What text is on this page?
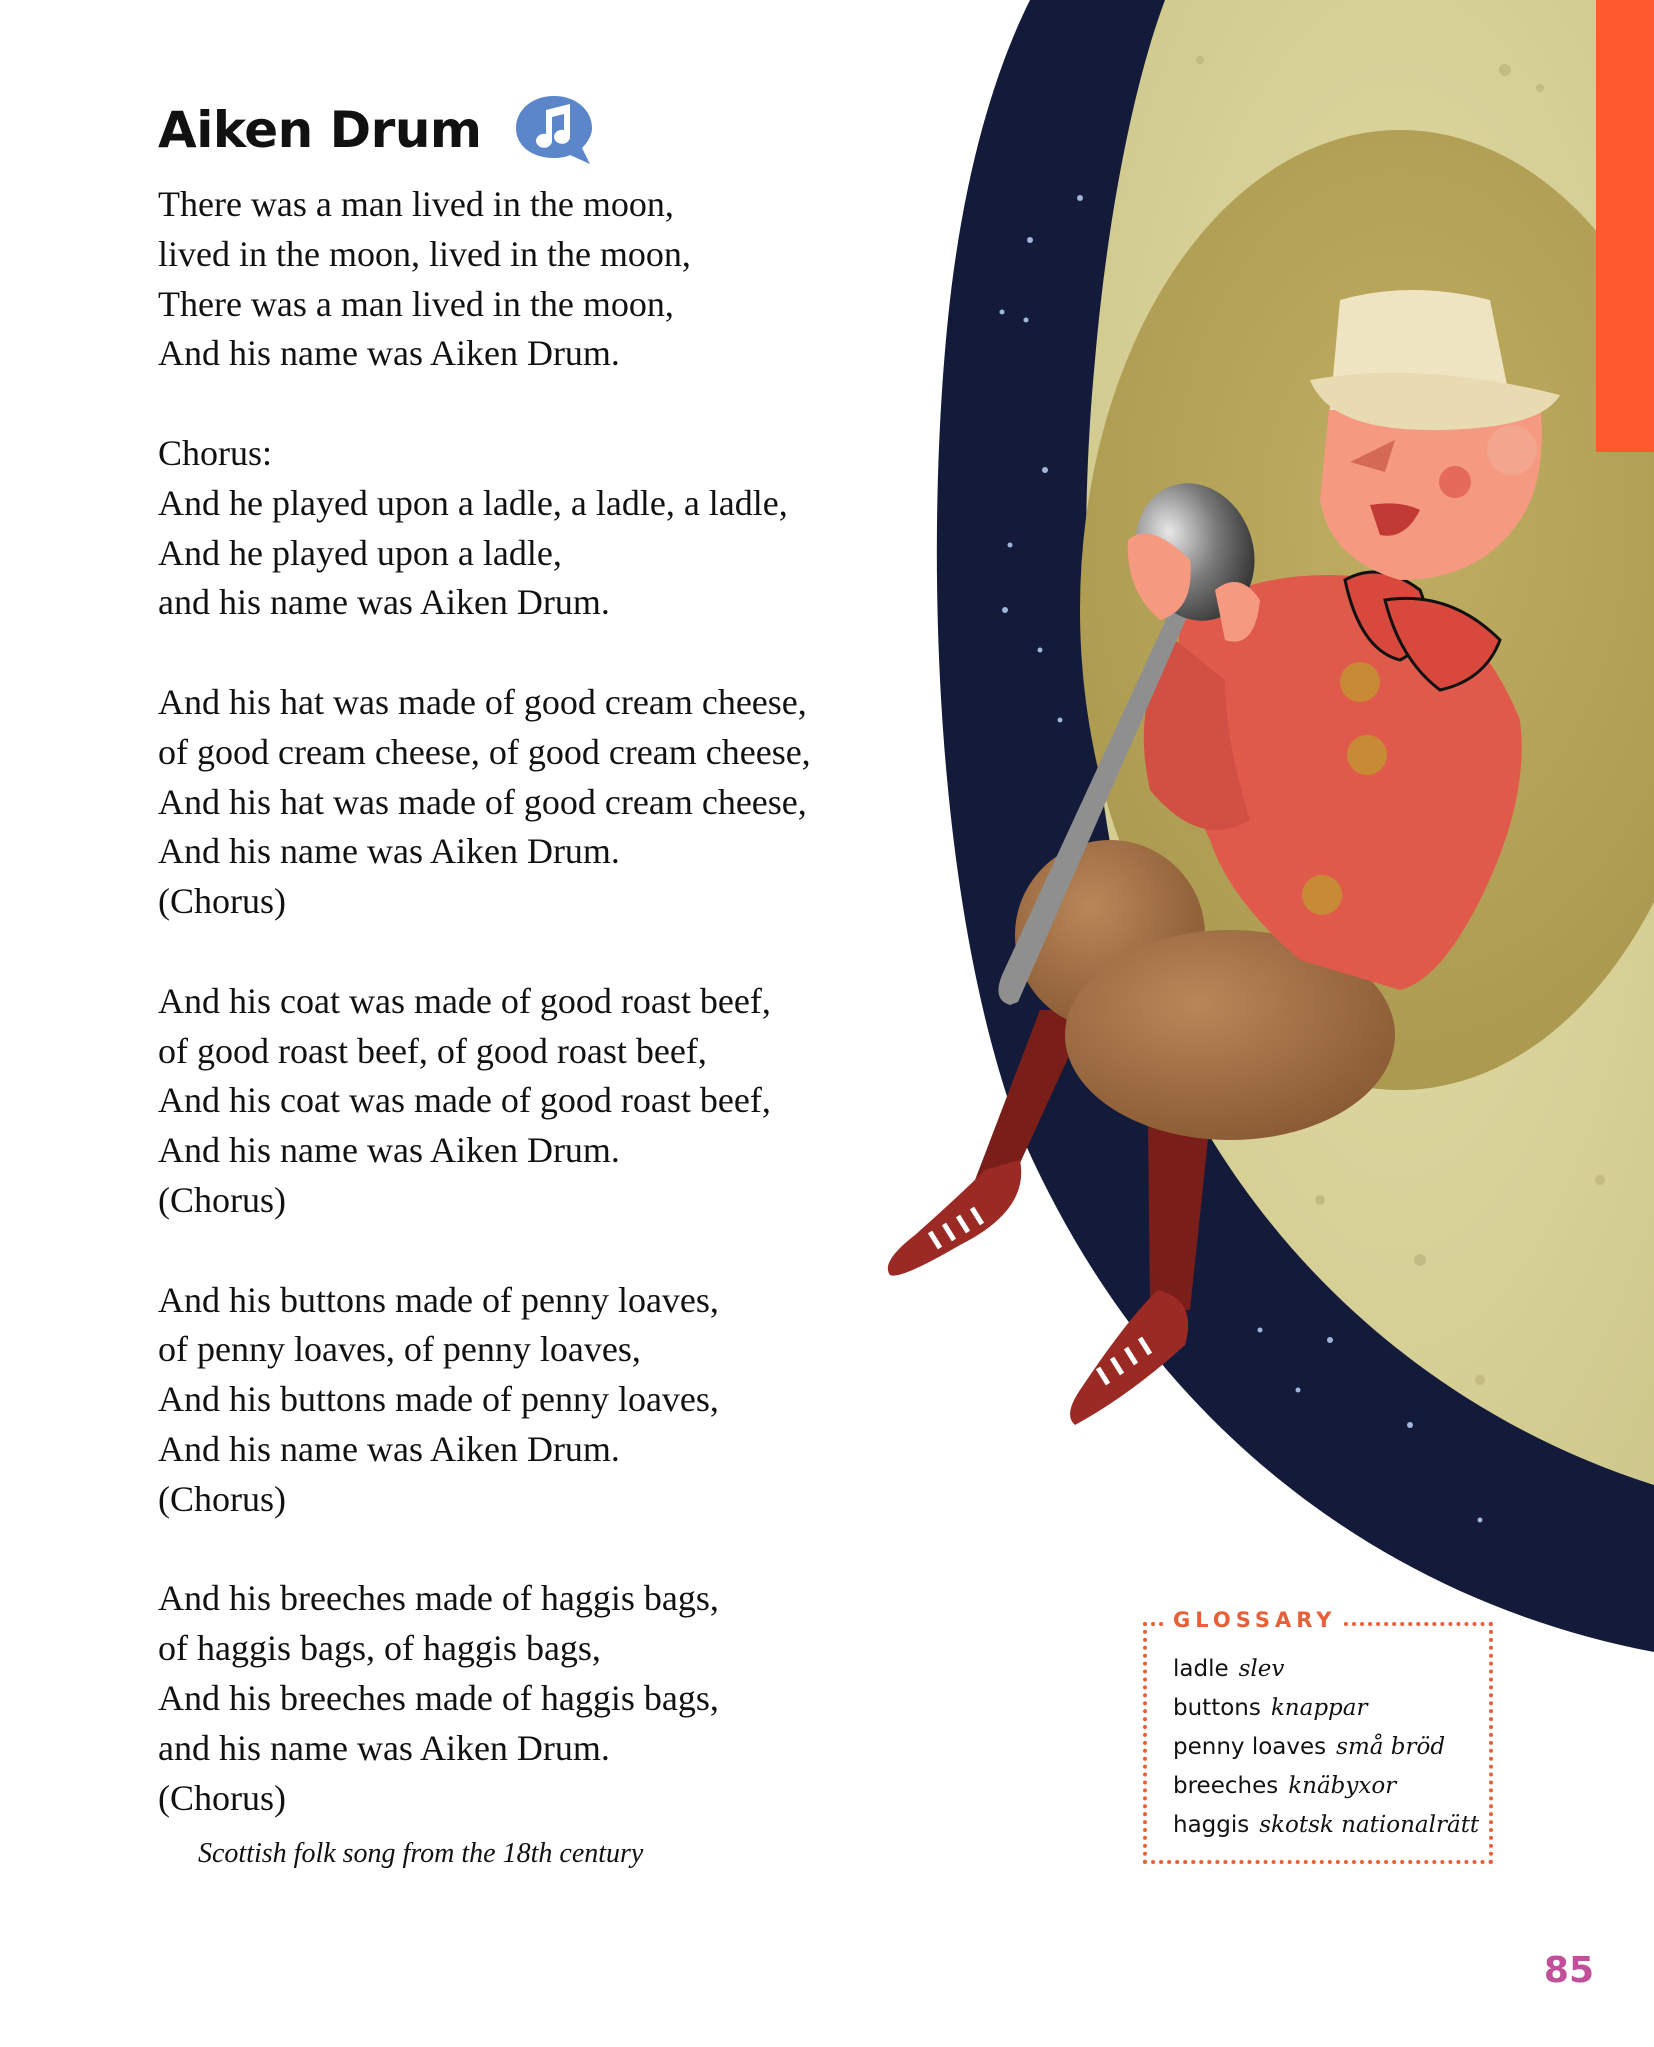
Aiken Drum
There was a man lived in the moon,
lived in the moon, lived in the moon,
There was a man lived in the moon,
And his name was Aiken Drum.
Chorus:
And he played upon a ladle, a ladle, a ladle,
And he played upon a ladle,
and his name was Aiken Drum.
And his hat was made of good cream cheese,
of good cream cheese, of good cream cheese,
And his hat was made of good cream cheese,
And his name was Aiken Drum.
(Chorus)
And his coat was made of good roast beef,
of good roast beef, of good roast beef,
And his coat was made of good roast beef,
And his name was Aiken Drum.
(Chorus)
And his buttons made of penny loaves,
of penny loaves, of penny loaves,
And his buttons made of penny loaves,
And his name was Aiken Drum.
(Chorus)
And his breeches made of haggis bags,
of haggis bags, of haggis bags,
And his breeches made of haggis bags,
and his name was Aiken Drum.
(Chorus)
Scottish folk song from the 18th century
GLOSSARY
ladle slev
buttons knappar
penny loaves små bröd
breeches knäbyxor
haggis skotsk nationalrätt
85
